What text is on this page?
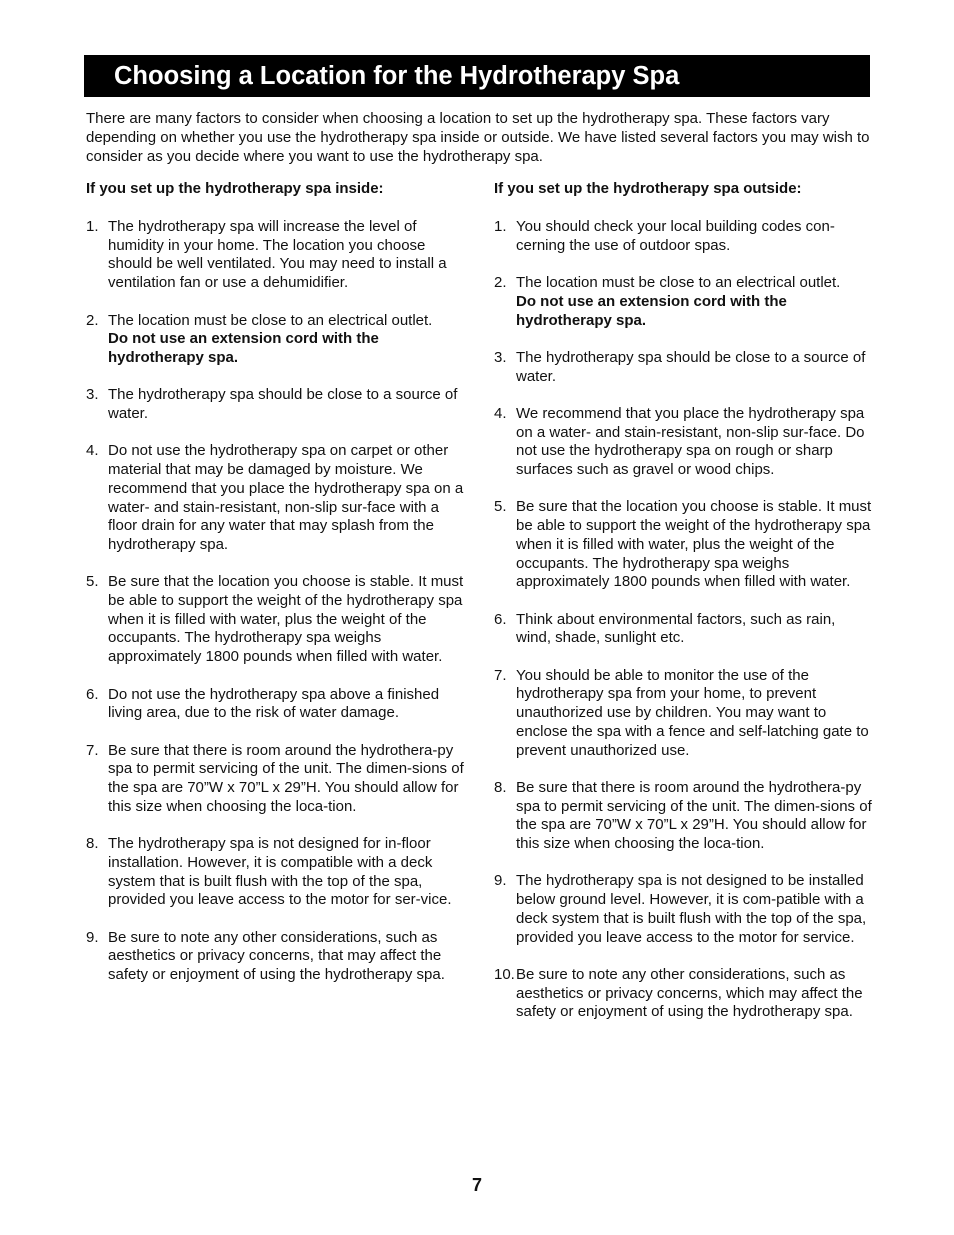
Choosing a Location for the Hydrotherapy Spa

There are many factors to consider when choosing a location to set up the hydrotherapy spa. These factors vary depending on whether you use the hydrotherapy spa inside or outside. We have listed several factors you may wish to consider as you decide where you want to use the hydrotherapy spa.

If you set up the hydrotherapy spa inside:
1. The hydrotherapy spa will increase the level of humidity in your home. The location you choose should be well ventilated. You may need to install a ventilation fan or use a dehumidifier.
2. The location must be close to an electrical outlet.
Do not use an extension cord with the hydrotherapy spa.
3. The hydrotherapy spa should be close to a source of water.
4. Do not use the hydrotherapy spa on carpet or other material that may be damaged by moisture. We recommend that you place the hydrotherapy spa on a water- and stain-resistant, non-slip sur-face with a floor drain for any water that may splash from the hydrotherapy spa.
5. Be sure that the location you choose is stable. It must be able to support the weight of the hydrotherapy spa when it is filled with water, plus the weight of the occupants. The hydrotherapy spa weighs approximately 1800 pounds when filled with water.
6. Do not use the hydrotherapy spa above a finished living area, due to the risk of water damage.
7. Be sure that there is room around the hydrothera-py spa to permit servicing of the unit. The dimen-sions of the spa are 70”W x 70”L x 29”H. You should allow for this size when choosing the loca-tion.
8. The hydrotherapy spa is not designed for in-floor installation. However, it is compatible with a deck system that is built flush with the top of the spa, provided you leave access to the motor for ser-vice.
9. Be sure to note any other considerations, such as aesthetics or privacy concerns, that may affect the safety or enjoyment of using the hydrotherapy spa.
If you set up the hydrotherapy spa outside:
1. You should check your local building codes con-cerning the use of outdoor spas.
2. The location must be close to an electrical outlet.
Do not use an extension cord with the hydrotherapy spa.
3. The hydrotherapy spa should be close to a source of water.
4. We recommend that you place the hydrotherapy spa on a water- and stain-resistant, non-slip sur-face. Do not use the hydrotherapy spa on rough or sharp surfaces such as gravel or wood chips.
5. Be sure that the location you choose is stable. It must be able to support the weight of the hydrotherapy spa when it is filled with water, plus the weight of the occupants. The hydrotherapy spa weighs approximately 1800 pounds when filled with water.
6. Think about environmental factors, such as rain, wind, shade, sunlight etc.
7. You should be able to monitor the use of the hydrotherapy spa from your home, to prevent unauthorized use by children. You may want to enclose the spa with a fence and self-latching gate to prevent unauthorized use.
8. Be sure that there is room around the hydrothera-py spa to permit servicing of the unit. The dimen-sions of the spa are 70”W x 70”L x 29”H. You should allow for this size when choosing the loca-tion.
9. The hydrotherapy spa is not designed to be installed below ground level. However, it is com-patible with a deck system that is built flush with the top of the spa, provided you leave access to the motor for service.
10. Be sure to note any other considerations, such as aesthetics or privacy concerns, which may affect the safety or enjoyment of using the hydrotherapy spa.
7
